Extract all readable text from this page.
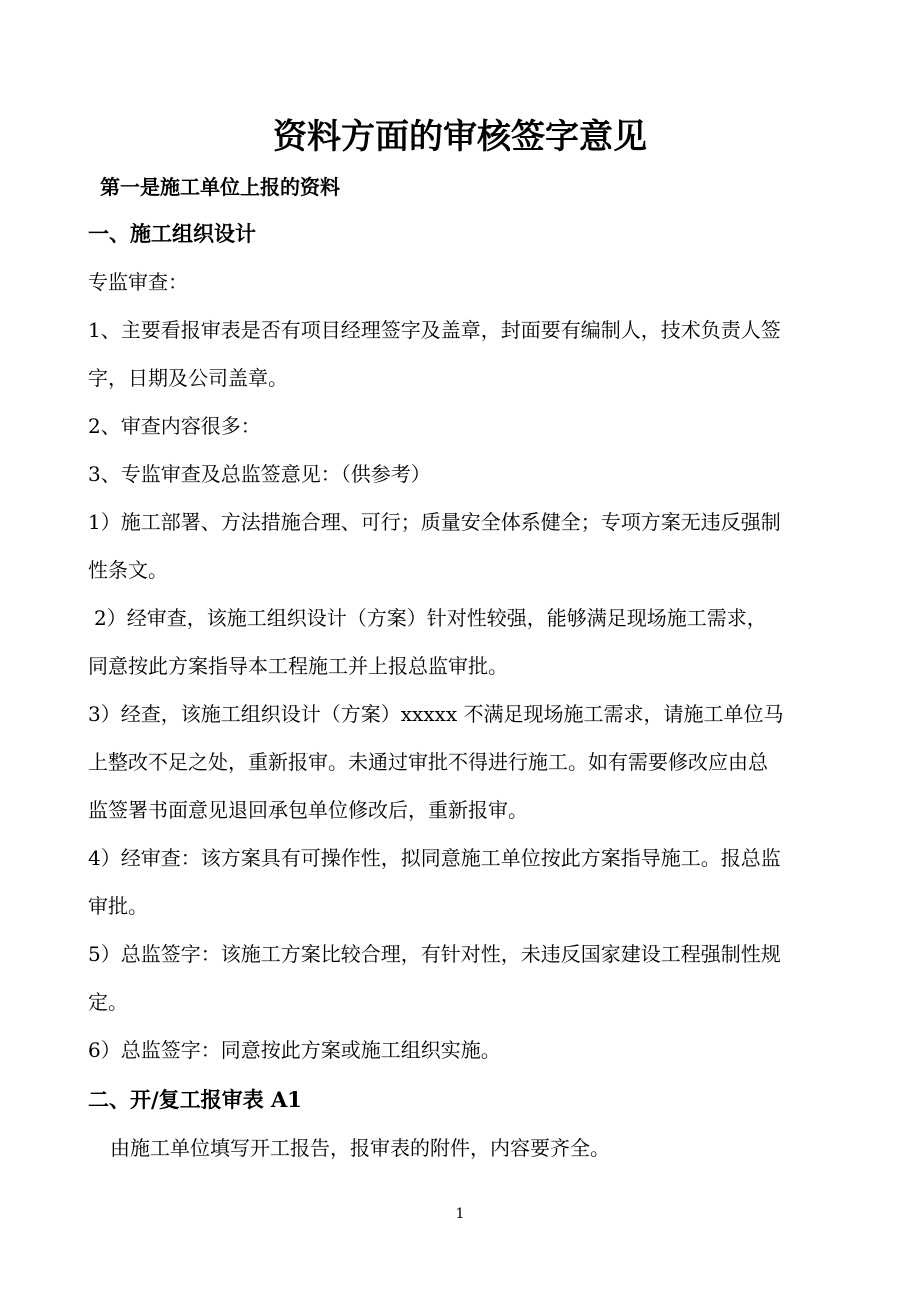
资料方面的审核签字意见
第一是施工单位上报的资料
一、施工组织设计
专监审查：
1、主要看报审表是否有项目经理签字及盖章，封面要有编制人，技术负责人签
字，日期及公司盖章。
2、审查内容很多：
3、专监审查及总监签意见：（供参考）
1）施工部署、方法措施合理、可行；质量安全体系健全；专项方案无违反强制
性条文。
2）经审查，该施工组织设计（方案）针对性较强，能够满足现场施工需求，
同意按此方案指导本工程施工并上报总监审批。
3）经查，该施工组织设计（方案）xxxxx 不满足现场施工需求，请施工单位马
上整改不足之处，重新报审。未通过审批不得进行施工。如有需要修改应由总
监签署书面意见退回承包单位修改后，重新报审。
4）经审查：该方案具有可操作性，拟同意施工单位按此方案指导施工。报总监
审批。
5）总监签字：该施工方案比较合理，有针对性，未违反国家建设工程强制性规
定。
6）总监签字：同意按此方案或施工组织实施。
二、开/复工报审表 A1
由施工单位填写开工报告，报审表的附件，内容要齐全。
1
